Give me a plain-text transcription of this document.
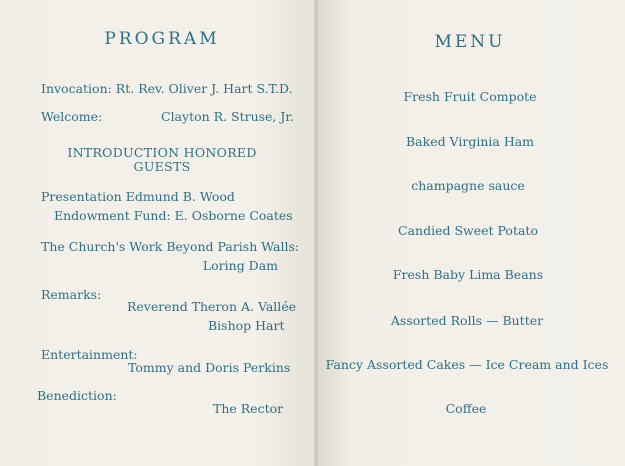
PROGRAM
Invocation: Rt. Rev. Oliver J. Hart S.T.D.
Welcome:	Clayton R. Struse, Jr.
INTRODUCTION HONORED
GUESTS
Presentation Edmund B. Wood
Endowment Fund: E. Osborne Coates
The Church's Work Beyond Parish Walls:
Loring Dam
Remarks:
Reverend Theron A. Vallée
Bishop Hart
Entertainment:
Tommy and Doris Perkins
Benediction:
The Rector
MENU
Fresh Fruit Compote
Baked Virginia Ham
champagne sauce
Candied Sweet Potato
Fresh Baby Lima Beans
Assorted Rolls — Butter
Fancy Assorted Cakes — Ice Cream and Ices
Coffee
